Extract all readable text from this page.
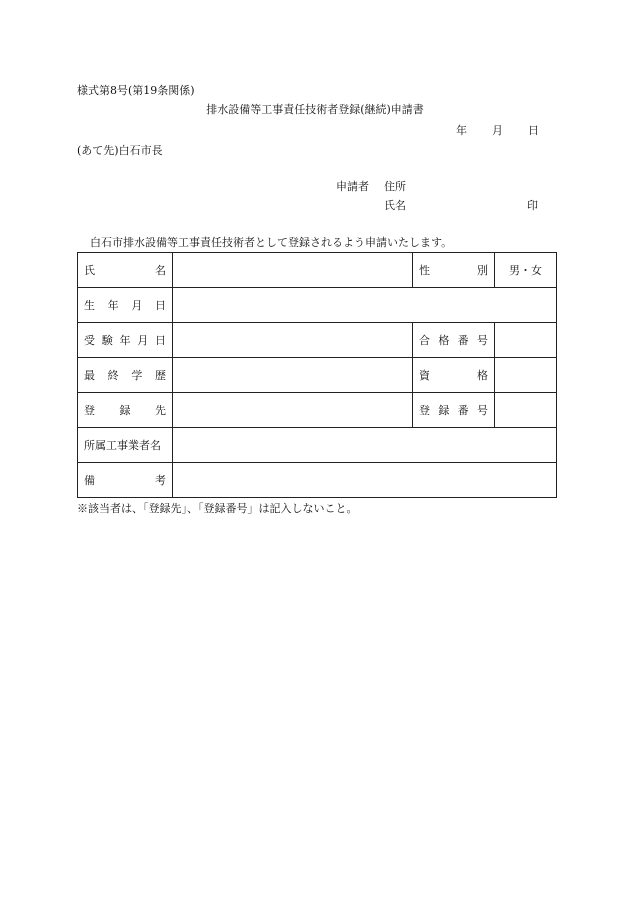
様式第8号(第19条関係)
排水設備等工事責任技術者登録(継続)申請書
年 月 日
(あて先)白石市長
申請者 住所
氏名	印
白石市排水設備等工事責任技術者として登録されるよう申請いたします。
氏 名		性 別	男・女

生 年 月 日			

受 験 年 月 日		合 格 番 号	

最 終 学 歴		資 格	

登 録 先		登 録 番 号	

所属工事業者名			

備 考			

※該当者は、「登録先」、「登録番号」は記入しないこと。
